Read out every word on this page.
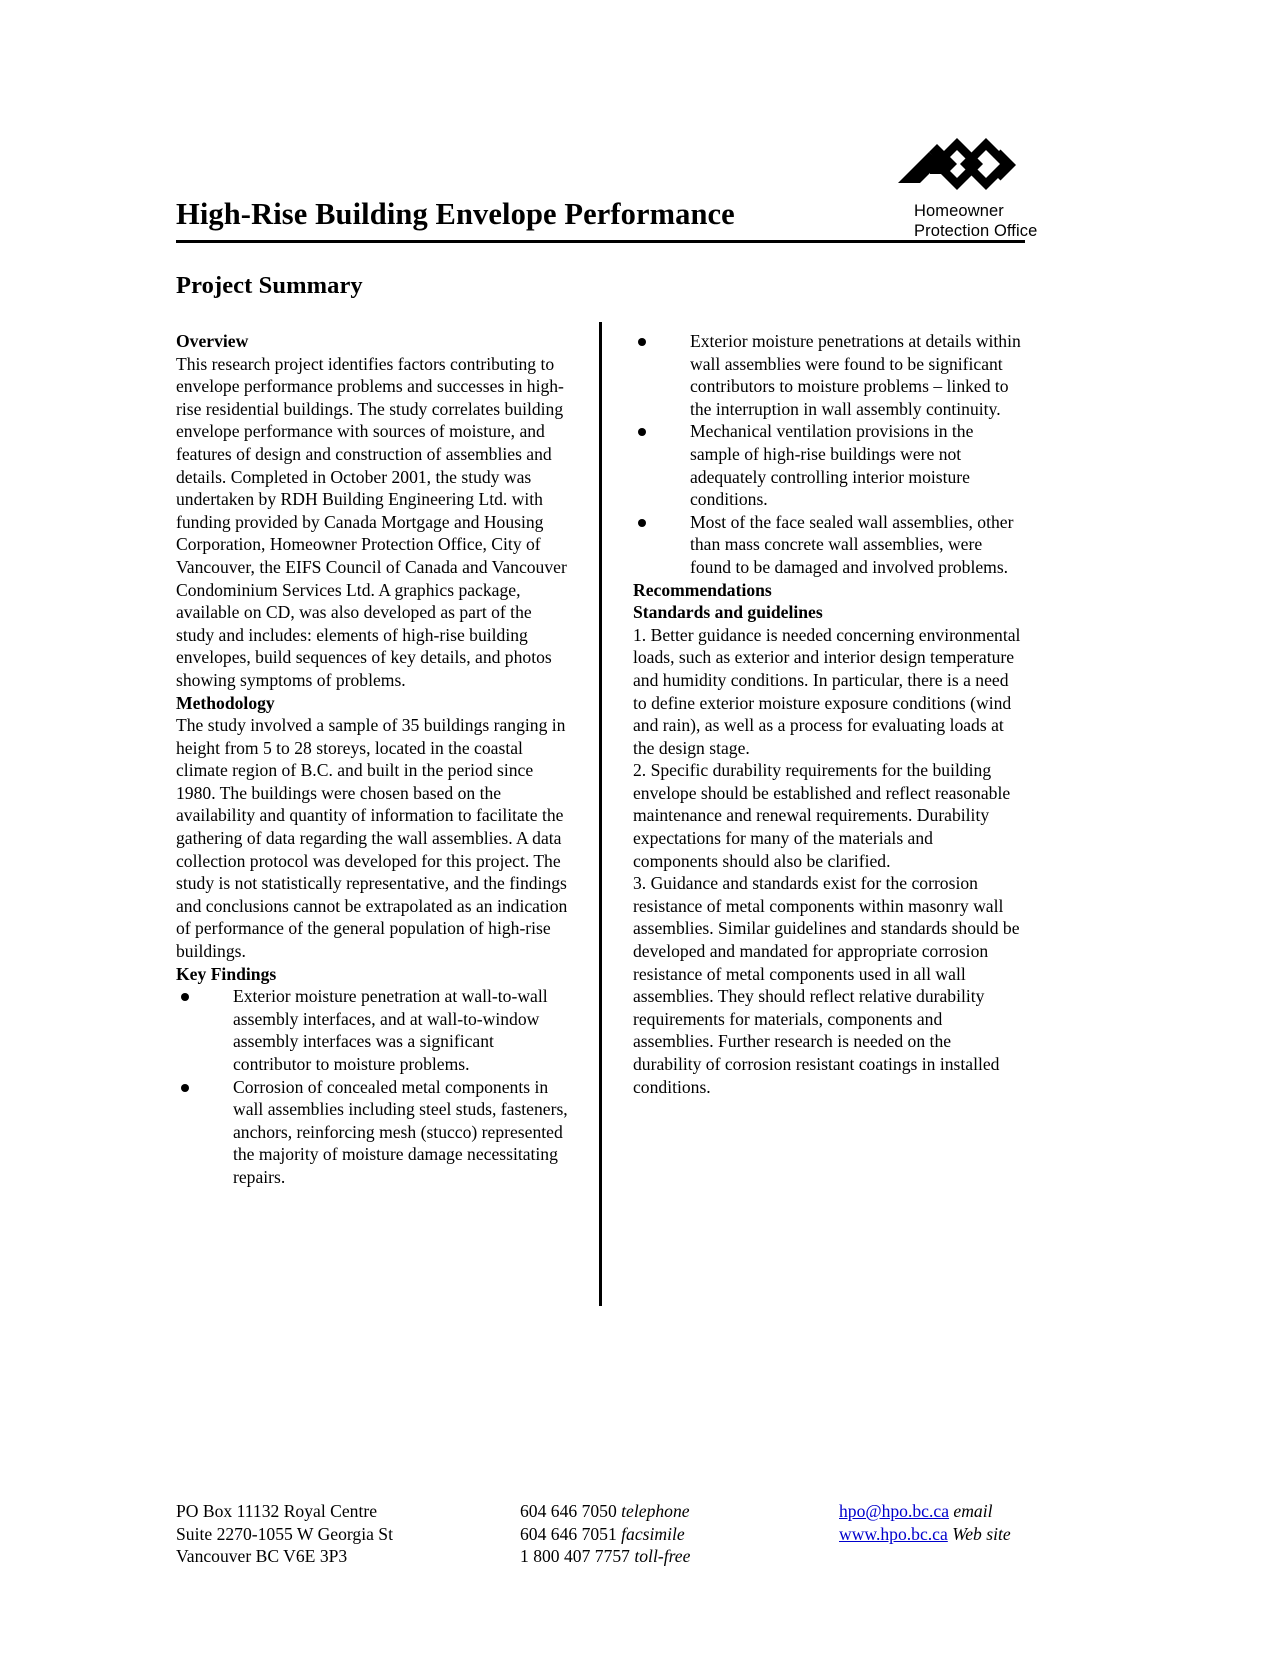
Homeowner
Protection Office
High-Rise Building Envelope Performance
Project Summary
Overview

This research project identifies factors contributing to envelope performance problems and successes in high-rise residential buildings. The study correlates building envelope performance with sources of moisture, and features of design and construction of assemblies and details. Completed in October 2001, the study was undertaken by RDH Building Engineering Ltd. with funding provided by Canada Mortgage and Housing Corporation, Homeowner Protection Office, City of Vancouver, the EIFS Council of Canada and Vancouver Condominium Services Ltd. A graphics package, available on CD, was also developed as part of the study and includes: elements of high-rise building envelopes, build sequences of key details, and photos showing symptoms of problems.

Methodology

The study involved a sample of 35 buildings ranging in height from 5 to 28 storeys, located in the coastal climate region of B.C. and built in the period since 1980. The buildings were chosen based on the availability and quantity of information to facilitate the gathering of data regarding the wall assemblies. A data collection protocol was developed for this project. The study is not statistically representative, and the findings and conclusions cannot be extrapolated as an indication of performance of the general population of high-rise buildings.

Key Findings
Exterior moisture penetration at wall-to-wall assembly interfaces, and at wall-to-window assembly interfaces was a significant contributor to moisture problems.
Corrosion of concealed metal components in wall assemblies including steel studs, fasteners, anchors, reinforcing mesh (stucco) represented the majority of moisture damage necessitating repairs.
Exterior moisture penetrations at details within wall assemblies were found to be significant contributors to moisture problems – linked to the interruption in wall assembly continuity.
Mechanical ventilation provisions in the sample of high-rise buildings were not adequately controlling interior moisture conditions.
Most of the face sealed wall assemblies, other than mass concrete wall assemblies, were found to be damaged and involved problems.
Recommendations
Standards and guidelines

1. Better guidance is needed concerning environmental loads, such as exterior and interior design temperature and humidity conditions. In particular, there is a need to define exterior moisture exposure conditions (wind and rain), as well as a process for evaluating loads at the design stage.

2. Specific durability requirements for the building envelope should be established and reflect reasonable maintenance and renewal requirements. Durability expectations for many of the materials and components should also be clarified.

3. Guidance and standards exist for the corrosion resistance of metal components within masonry wall assemblies. Similar guidelines and standards should be developed and mandated for appropriate corrosion resistance of metal components used in all wall assemblies. They should reflect relative durability requirements for materials, components and assemblies. Further research is needed on the durability of corrosion resistant coatings in installed conditions.

PO Box 11132 Royal Centre
Suite 2270-1055 W Georgia St
Vancouver BC V6E 3P3
604 646 7050 telephone
604 646 7051 facsimile
1 800 407 7757 toll-free
hpo@hpo.bc.ca email
www.hpo.bc.ca Web site
